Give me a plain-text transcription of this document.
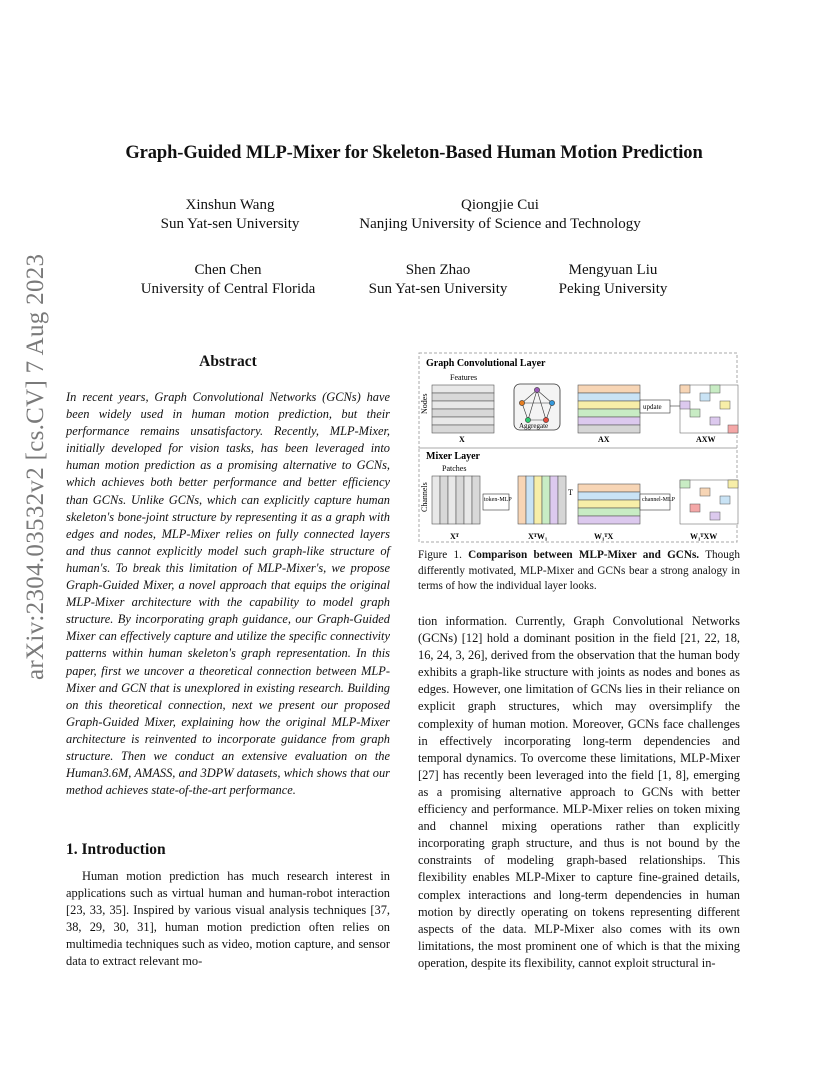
Graph-Guided MLP-Mixer for Skeleton-Based Human Motion Prediction
Xinshun Wang
Sun Yat-sen University
Qiongjie Cui
Nanjing University of Science and Technology
Chen Chen
University of Central Florida
Shen Zhao
Sun Yat-sen University
Mengyuan Liu
Peking University
arXiv:2304.03532v2 [cs.CV] 7 Aug 2023	Abstract
In recent years, Graph Convolutional Networks (GCNs) have been widely used in human motion prediction, but their performance remains unsatisfactory. Recently, MLP-Mixer, initially developed for vision tasks, has been leveraged into human motion prediction as a promising alternative to GCNs, which achieves both better performance and better efficiency than GCNs. Unlike GCNs, which can explicitly capture human skeleton's bone-joint structure by representing it as a graph with edges and nodes, MLP-Mixer relies on fully connected layers and thus cannot explicitly model such graph-like structure of human's. To break this limitation of MLP-Mixer's, we propose Graph-Guided Mixer, a novel approach that equips the original MLP-Mixer architecture with the capability to model graph structure. By incorporating graph guidance, our Graph-Guided Mixer can effectively capture and utilize the specific connectivity patterns within human skeleton's graph representation. In this paper, first we uncover a theoretical connection between MLP-Mixer and GCN that is unexplored in existing research. Building on this theoretical connection, next we present our proposed Graph-Guided Mixer, explaining how the original MLP-Mixer architecture is reinvented to incorporate guidance from graph structure. Then we conduct an extensive evaluation on the Human3.6M, AMASS, and 3DPW datasets, which shows that our method achieves state-of-the-art performance.
1. Introduction
Human motion prediction has much research interest in applications such as virtual human and human-robot interaction [23, 33, 35]. Inspired by various visual analysis techniques [37, 38, 29, 30, 31], human motion prediction often relies on multimedia techniques such as video, motion capture, and sensor data to extract relevant mo-
Graph Convolutional Layer
Features
Nodes
X
Aggregate
AX
update
AXW
Mixer Layer
Patches
Channels
Xᵀ
token-MLP
XᵀW₁
T
W₁ᵀX
channel-MLP
W₁ᵀXW
Figure 1. Comparison between MLP-Mixer and GCNs. Though differently motivated, MLP-Mixer and GCNs bear a strong analogy in terms of how the individual layer looks.
tion information. Currently, Graph Convolutional Networks (GCNs) [12] hold a dominant position in the field [21, 22, 18, 16, 24, 3, 26], derived from the observation that the human body exhibits a graph-like structure with joints as nodes and bones as edges. However, one limitation of GCNs lies in their reliance on explicit graph structures, which may oversimplify the complexity of human motion. Moreover, GCNs face challenges in effectively incorporating long-term dependencies and temporal dynamics. To overcome these limitations, MLP-Mixer [27] has recently been leveraged into the field [1, 8], emerging as a promising alternative approach to GCNs with better efficiency and performance. MLP-Mixer relies on token mixing and channel mixing operations rather than explicitly incorporating graph structure, and thus is not bound by the constraints of modeling graph-based relationships. This flexibility enables MLP-Mixer to capture fine-grained details, complex interactions and long-term dependencies in human motion by directly operating on tokens representing different aspects of the data. MLP-Mixer also comes with its own limitations, the most prominent one of which is that the mixing operation, despite its flexibility, cannot exploit structural in-
